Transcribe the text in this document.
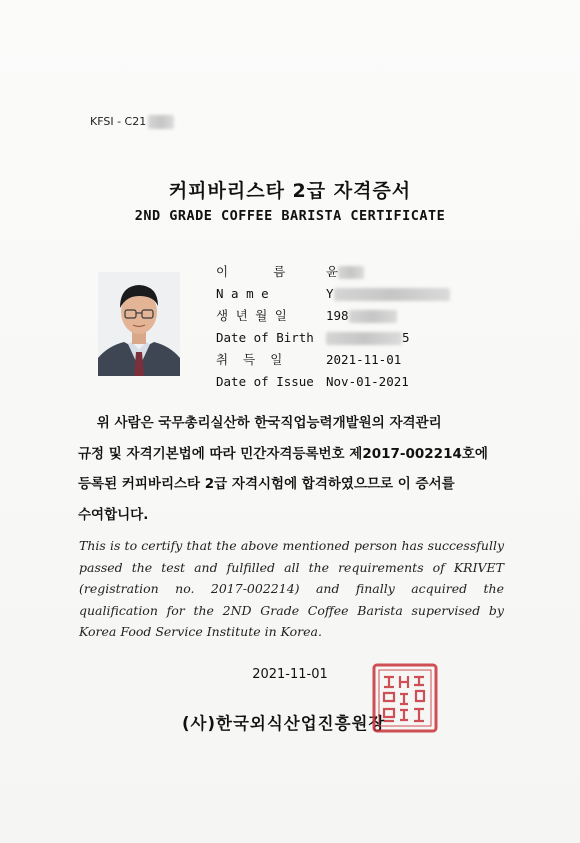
KFSI - C21
커피바리스타 2급 자격증서
2ND GRADE COFFEE BARISTA CERTIFICATE
이      름	윤
N a m e	Y
생 년 월 일	198
Date of Birth	5
취  득  일	2021-11-01
Date of Issue Nov-01-2021

위 사람은 국무총리실산하 한국직업능력개발원의 자격관리

규정 및 자격기본법에 따라 민간자격등록번호 제2017-002214호에

등록된 커피바리스타 2급 자격시험에 합격하였으므로 이 증서를

수여합니다.

This is to certify that the above mentioned person has successfully passed the test and fulfilled all the requirements of KRIVET (registration no. 2017-002214) and finally acquired the qualification for the 2ND Grade Coffee Barista supervised by Korea Food Service Institute in Korea.
2021-11-01
(사)한국외식산업진흥원장
